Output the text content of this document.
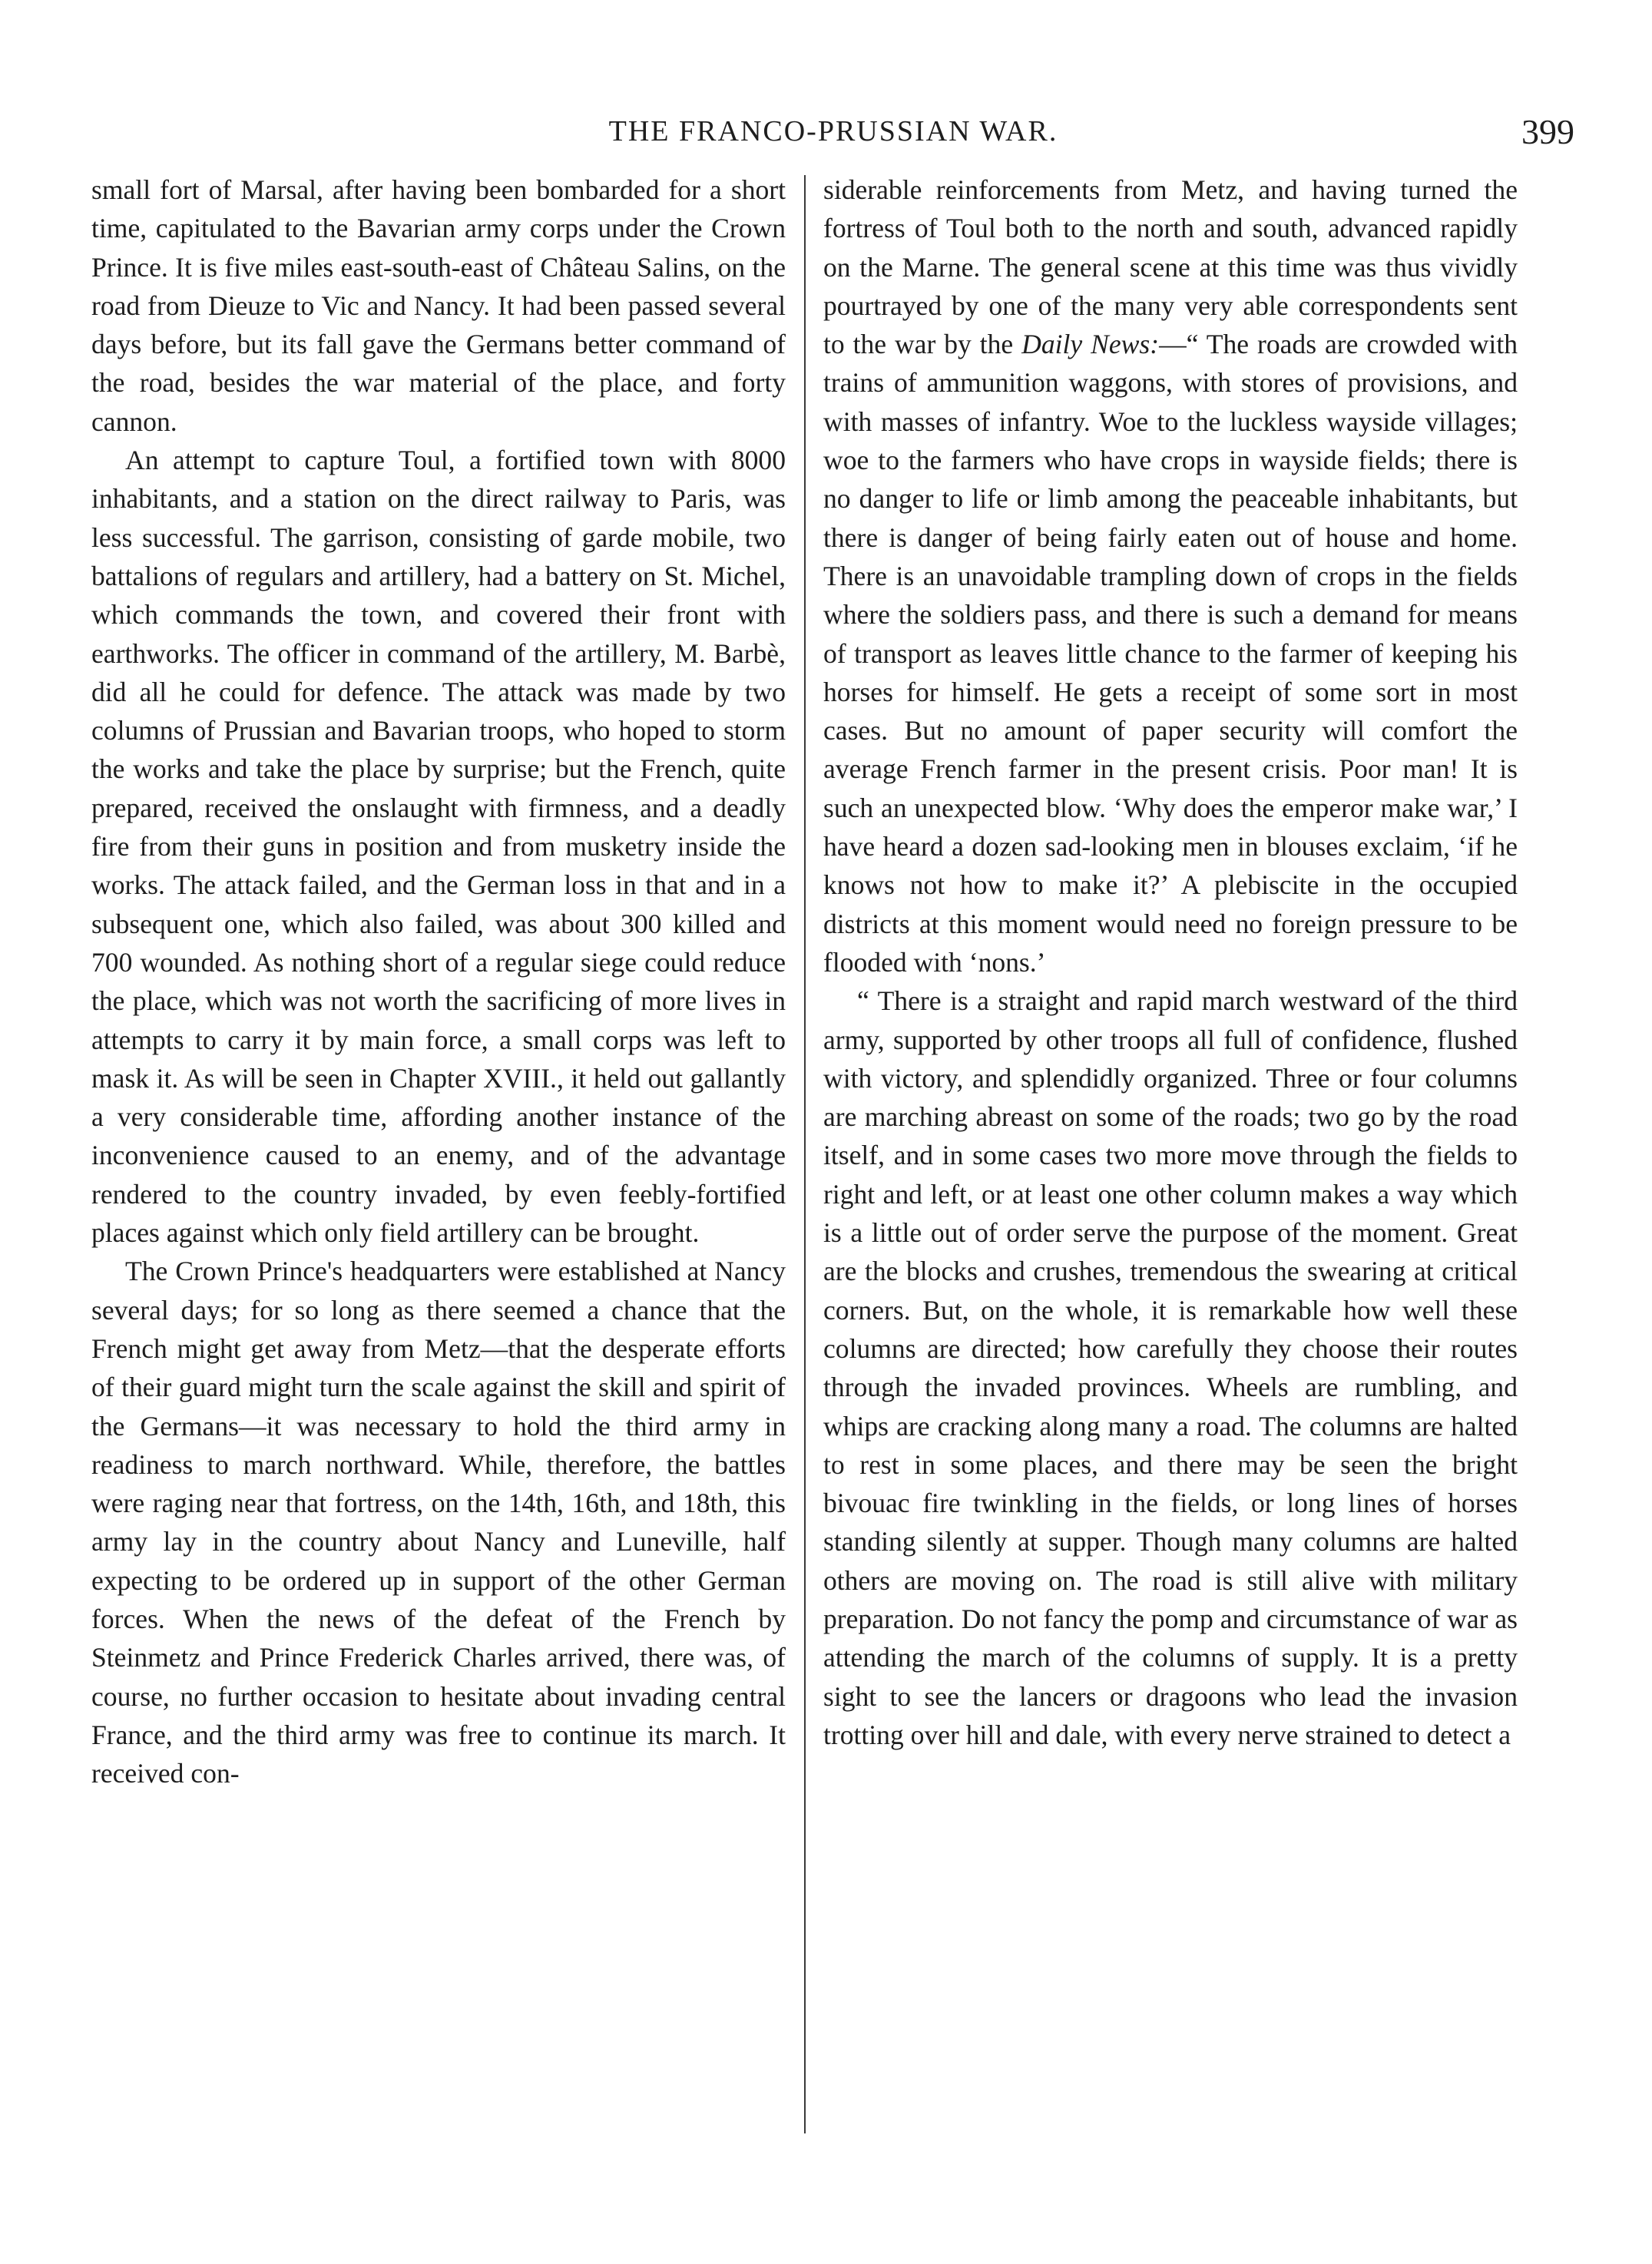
THE FRANCO-PRUSSIAN WAR.	399

small fort of Marsal, after having been bombarded for a short time, capitulated to the Bavarian army corps under the Crown Prince. It is five miles east-south-east of Château Salins, on the road from Dieuze to Vic and Nancy. It had been passed several days before, but its fall gave the Germans better command of the road, besides the war material of the place, and forty cannon.

An attempt to capture Toul, a fortified town with 8000 inhabitants, and a station on the direct railway to Paris, was less successful. The garrison, consisting of garde mobile, two battalions of regulars and artillery, had a battery on St. Michel, which commands the town, and covered their front with earthworks. The officer in command of the artillery, M. Barbè, did all he could for defence. The attack was made by two columns of Prussian and Bavarian troops, who hoped to storm the works and take the place by surprise; but the French, quite prepared, received the onslaught with firmness, and a deadly fire from their guns in position and from musketry inside the works. The attack failed, and the German loss in that and in a subsequent one, which also failed, was about 300 killed and 700 wounded. As nothing short of a regular siege could reduce the place, which was not worth the sacrificing of more lives in attempts to carry it by main force, a small corps was left to mask it. As will be seen in Chapter XVIII., it held out gallantly a very considerable time, affording another instance of the inconvenience caused to an enemy, and of the advantage rendered to the country invaded, by even feebly-fortified places against which only field artillery can be brought.

The Crown Prince's headquarters were established at Nancy several days; for so long as there seemed a chance that the French might get away from Metz—that the desperate efforts of their guard might turn the scale against the skill and spirit of the Germans—it was necessary to hold the third army in readiness to march northward. While, therefore, the battles were raging near that fortress, on the 14th, 16th, and 18th, this army lay in the country about Nancy and Luneville, half expecting to be ordered up in support of the other German forces. When the news of the defeat of the French by Steinmetz and Prince Frederick Charles arrived, there was, of course, no further occasion to hesitate about invading central France, and the third army was free to continue its march. It received con-

siderable reinforcements from Metz, and having turned the fortress of Toul both to the north and south, advanced rapidly on the Marne. The general scene at this time was thus vividly pourtrayed by one of the many very able correspondents sent to the war by the Daily News:—“ The roads are crowded with trains of ammunition waggons, with stores of provisions, and with masses of infantry. Woe to the luckless wayside villages; woe to the farmers who have crops in wayside fields; there is no danger to life or limb among the peaceable inhabitants, but there is danger of being fairly eaten out of house and home. There is an unavoidable trampling down of crops in the fields where the soldiers pass, and there is such a demand for means of transport as leaves little chance to the farmer of keeping his horses for himself. He gets a receipt of some sort in most cases. But no amount of paper security will comfort the average French farmer in the present crisis. Poor man! It is such an unexpected blow. ‘Why does the emperor make war,’ I have heard a dozen sad-looking men in blouses exclaim, ‘if he knows not how to make it?’ A plebiscite in the occupied districts at this moment would need no foreign pressure to be flooded with ‘nons.’

“ There is a straight and rapid march westward of the third army, supported by other troops all full of confidence, flushed with victory, and splendidly organized. Three or four columns are marching abreast on some of the roads; two go by the road itself, and in some cases two more move through the fields to right and left, or at least one other column makes a way which is a little out of order serve the purpose of the moment. Great are the blocks and crushes, tremendous the swearing at critical corners. But, on the whole, it is remarkable how well these columns are directed; how carefully they choose their routes through the invaded provinces. Wheels are rumbling, and whips are cracking along many a road. The columns are halted to rest in some places, and there may be seen the bright bivouac fire twinkling in the fields, or long lines of horses standing silently at supper. Though many columns are halted others are moving on. The road is still alive with military preparation. Do not fancy the pomp and circumstance of war as attending the march of the columns of supply. It is a pretty sight to see the lancers or dragoons who lead the invasion trotting over hill and dale, with every nerve strained to detect a
